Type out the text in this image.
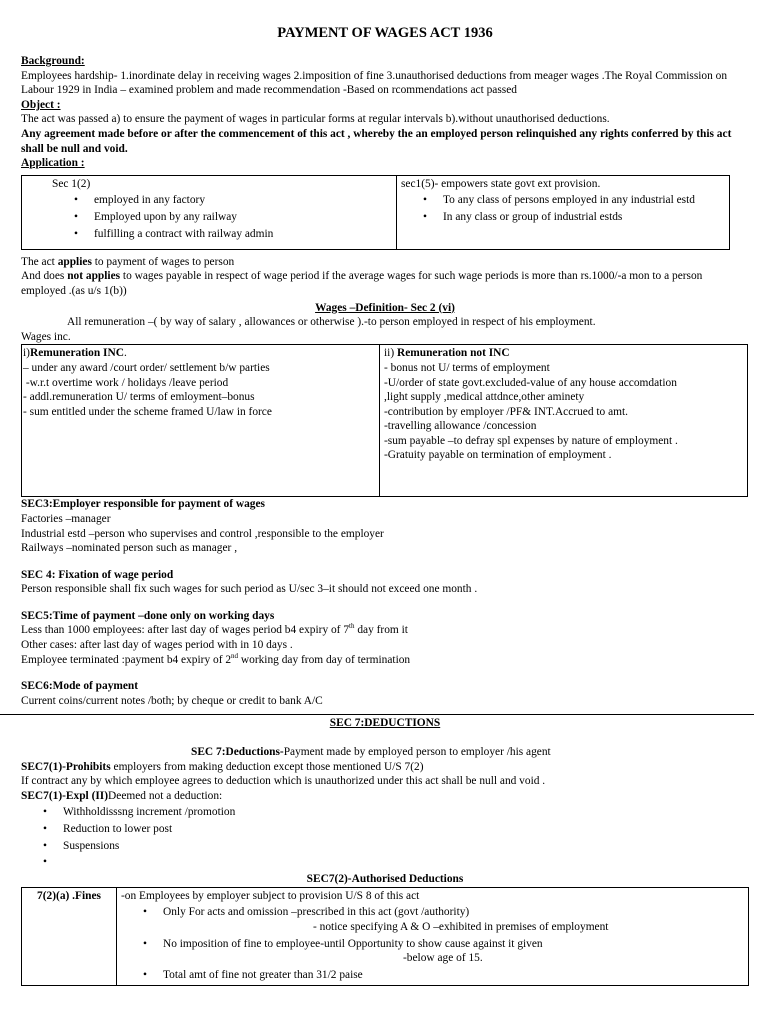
PAYMENT OF WAGES ACT 1936
Background:

Employees hardship- 1.inordinate delay in receiving wages 2.imposition of fine 3.unauthorised deductions from meager wages .The Royal Commission on Labour 1929 in India – examined problem and made recommendation -Based on rcommendations act passed

Object :

The act was passed a) to ensure the payment of wages in particular forms at regular intervals b).without unauthorised deductions.

Any agreement made before or after the commencement of this act , whereby the an employed person relinquished any rights conferred by this act shall be null and void.

Application :
Sec 1(2)
• employed in any factory
• Employed upon by any railway
• fulfilling a contract with railway admin

sec1(5)- empowers state govt ext provision.
• To any class of persons employed in any industrial estd
• In any class or group of industrial estds

The act applies to payment of wages to person

And does not applies to wages payable in respect of wage period if the average wages for such wage periods is more than rs.1000/-a mon to a person employed .(as u/s 1(b))

Wages –Definition- Sec 2 (vi)

All remuneration –( by way of salary , allowances or otherwise ).-to person employed in respect of his employment.

Wages inc.

i)Remuneration INC.
– under any award /court order/ settlement b/w parties
-w.r.t overtime work / holidays /leave period
- addl.remuneration U/ terms of emloyment–bonus
- sum entitled under the scheme framed U/law in force

ii) Remuneration not INC
- bonus not U/ terms of employment
-U/order of state govt.excluded-value of any house accomdation
,light supply ,medical attdnce,other aminety
-contribution by employer /PF& INT.Accrued to amt.
-travelling allowance /concession
-sum payable –to defray spl expenses by nature of employment .
-Gratuity payable on termination of employment .
SEC3:Employer responsible for payment of wages
Factories –manager
Industrial estd –person who supervises and control ,responsible to the employer
Railways –nominated person such as manager ,
SEC 4: Fixation of wage period
Person responsible shall fix such wages for such period as U/sec 3–it should not exceed one month .
SEC5:Time of payment –done only on working days
Less than 1000 employees: after last day of wages period b4 expiry of 7th day from it
Other cases: after last day of wages period with in 10 days .
Employee terminated :payment b4 expiry of 2nd working day from day of termination
SEC6:Mode of payment
Current coins/current notes /both; by cheque or credit to bank A/C
SEC 7:DEDUCTIONS
SEC 7:Deductions-Payment made by employed person to employer /his agent
SEC7(1)-Prohibits employers from making deduction except those mentioned U/S 7(2)
If contract any by which employee agrees to deduction which is unauthorized under this act shall be null and void .
SEC7(1)-Expl (II)Deemed not a deduction:
• Withholdisssng increment /promotion
• Reduction to lower post
• Suspensions
•
SEC7(2)-Authorised Deductions
7(2)(a) .Fines	-on Employees by employer subject to provision U/S 8 of this act
• Only For acts and omission –prescribed in this act (govt /authority)
- notice specifying A & O –exhibited in premises of employment
• No imposition of fine to employee-until Opportunity to show cause against it given
-below age of 15.
• Total amt of fine not greater than 31/2 paise
